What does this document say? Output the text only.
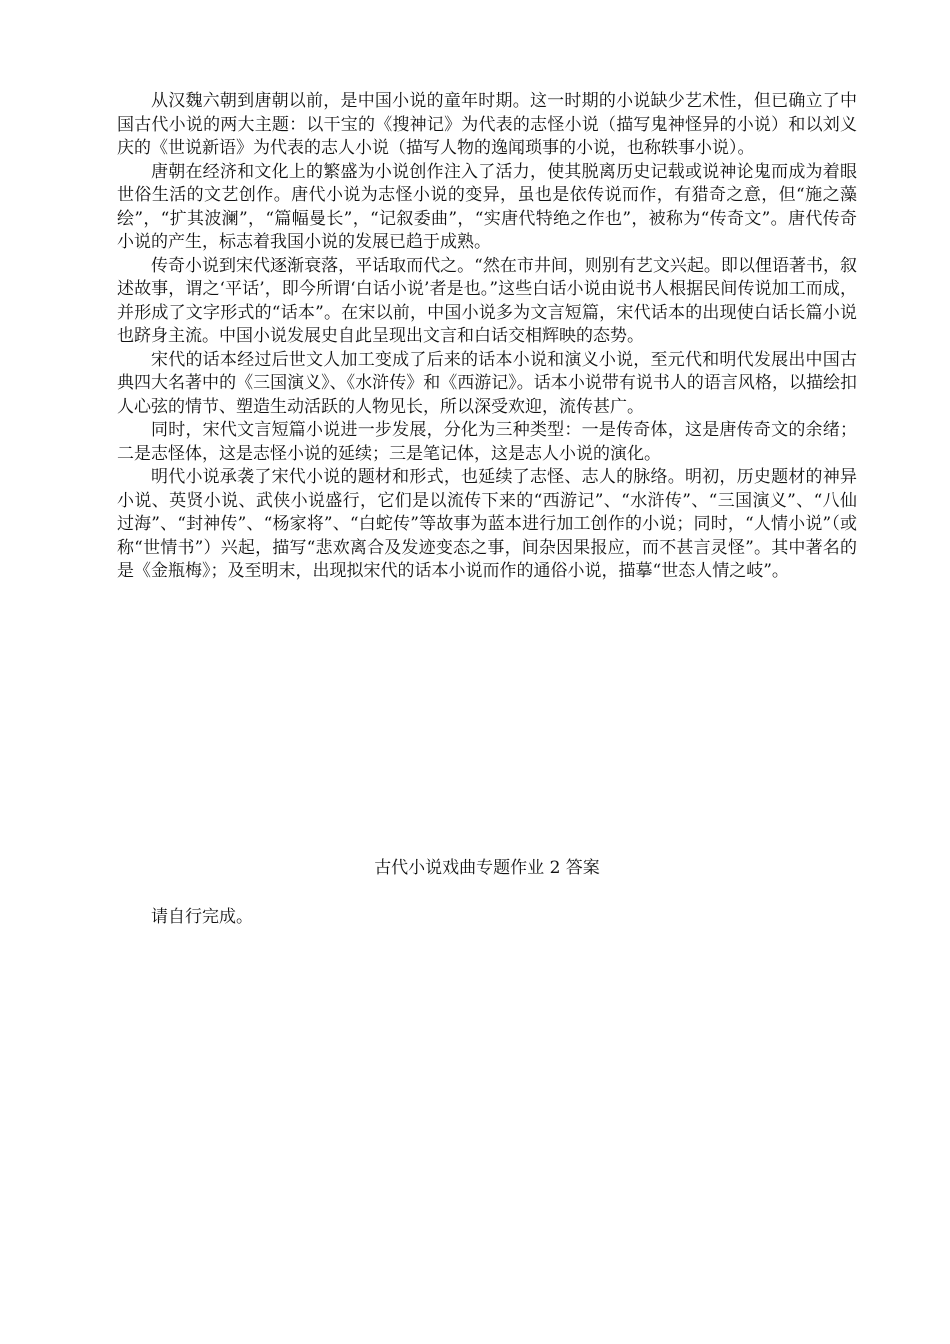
从汉魏六朝到唐朝以前，是中国小说的童年时期。这一时期的小说缺少艺术性，但已确立了中国古代小说的两大主题：以干宝的《搜神记》为代表的志怪小说（描写鬼神怪异的小说）和以刘义庆的《世说新语》为代表的志人小说（描写人物的逸闻琐事的小说，也称轶事小说）。

唐朝在经济和文化上的繁盛为小说创作注入了活力，使其脱离历史记载或说神论鬼而成为着眼世俗生活的文艺创作。唐代小说为志怪小说的变异，虽也是依传说而作，有猎奇之意，但“施之藻绘”，“扩其波澜”，“篇幅曼长”，“记叙委曲”，“实唐代特绝之作也”，被称为“传奇文”。唐代传奇小说的产生，标志着我国小说的发展已趋于成熟。

传奇小说到宋代逐渐衰落，平话取而代之。“然在市井间，则别有艺文兴起。即以俚语著书，叙述故事，谓之‘平话’，即今所谓‘白话小说’者是也。”这些白话小说由说书人根据民间传说加工而成，并形成了文字形式的“话本”。在宋以前，中国小说多为文言短篇，宋代话本的出现使白话长篇小说也跻身主流。中国小说发展史自此呈现出文言和白话交相辉映的态势。

宋代的话本经过后世文人加工变成了后来的话本小说和演义小说，至元代和明代发展出中国古典四大名著中的《三国演义》、《水浒传》和《西游记》。话本小说带有说书人的语言风格，以描绘扣人心弦的情节、塑造生动活跃的人物见长，所以深受欢迎，流传甚广。

同时，宋代文言短篇小说进一步发展，分化为三种类型：一是传奇体，这是唐传奇文的余绪；二是志怪体，这是志怪小说的延续；三是笔记体，这是志人小说的演化。

明代小说承袭了宋代小说的题材和形式，也延续了志怪、志人的脉络。明初，历史题材的神异小说、英贤小说、武侠小说盛行，它们是以流传下来的“西游记”、“水浒传”、“三国演义”、“八仙过海”、“封神传”、“杨家将”、“白蛇传”等故事为蓝本进行加工创作的小说；同时，“人情小说”（或称“世情书”）兴起，描写“悲欢离合及发迹变态之事，间杂因果报应，而不甚言灵怪”。其中著名的是《金瓶梅》；及至明末，出现拟宋代的话本小说而作的通俗小说，描摹“世态人情之岐”。

古代小说戏曲专题作业 2 答案

请自行完成。
